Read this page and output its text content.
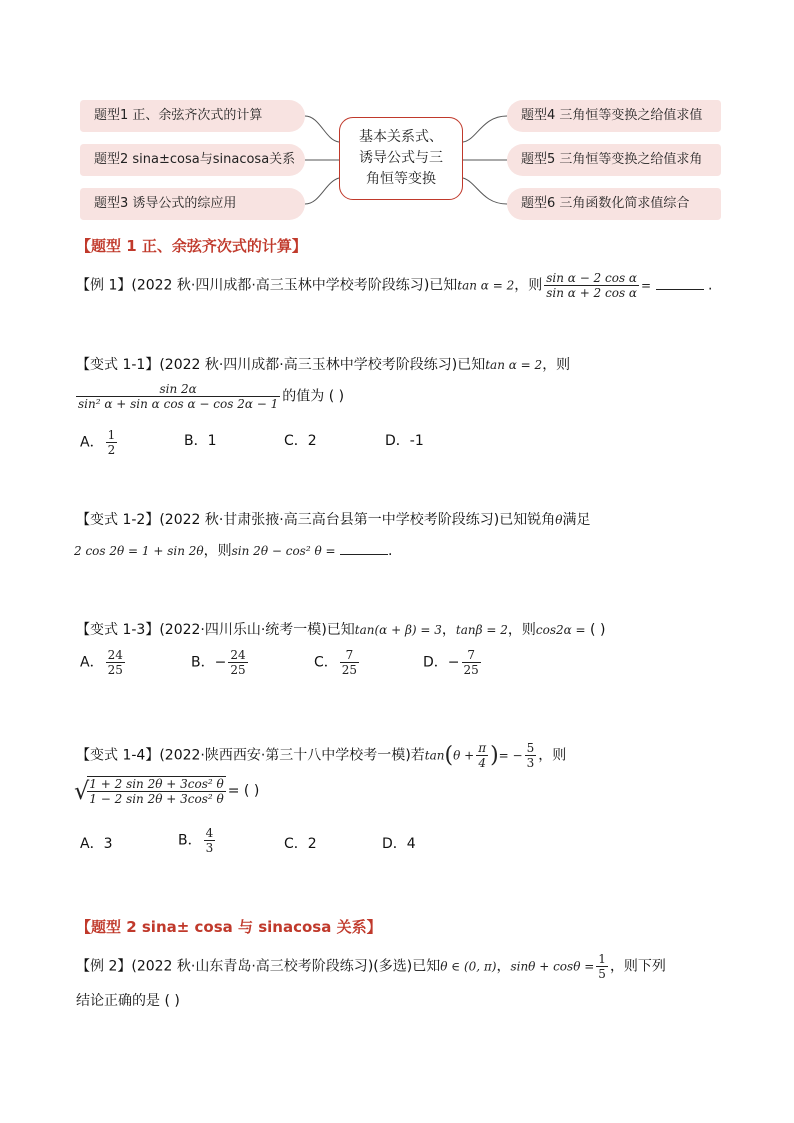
题型1 正、余弦齐次式的计算
题型2 sina±cosa与sinacosa关系
题型3 诱导公式的综应用
基本关系式、
诱导公式与三
角恒等变换
题型4 三角恒等变换之给值求值
题型5 三角恒等变换之给值求角
题型6 三角函数化简求值综合
【题型 1 正、余弦齐次式的计算】
【例 1】(2022 秋·四川成都·高三玉林中学校考阶段练习)已知tan α = 2，则 $\frac{\text{sin α − 2 cos α}}{\text{sin α + 2 cos α}}$ =	.
【变式 1-1】(2022 秋·四川成都·高三玉林中学校考阶段练习)已知tan α = 2，则
$\frac{\sin 2\alpha}{\text{sin² α + sin α cos α − cos 2α − 1}}$ 的值为 ( )
A． $\frac{1}{2}$	B．1	C．2	D．-1
【变式 1-2】(2022 秋·甘肃张掖·高三高台县第一中学校考阶段练习)已知锐角θ满足
2 cos 2θ = 1 + sin 2θ，则sin 2θ − cos² θ =	.
【变式 1-3】(2022·四川乐山·统考一模)已知tan(α + β) = 3，tanβ = 2，则cos2α = ( )
A． $\frac{24}{25}$	B．− $\frac{24}{25}$	C． $\frac{7}{25}$	D．− $\frac{7}{25}$
【变式 1-4】(2022·陕西西安·第三十八中学校考一模)若$\tan(\theta + \frac{\pi}{4}$ )= − $\frac{5}{3}$ ，则
√
$\frac{\text{1 + 2 sin 2θ + 3cos² θ}}{\text{1 − 2 sin 2θ + 3cos² θ}}$ = ( )
A．3	B． $\frac{4}{3}$	C．2	D．4
【题型 2 sina± cosa 与 sinacosa 关系】
【例 2】(2022 秋·山东青岛·高三校考阶段练习)(多选)已知θ ∈ (0, π)，$\sin\theta + \cos\theta = \frac{1}{5}$ ，则下列
结论正确的是 ( )
